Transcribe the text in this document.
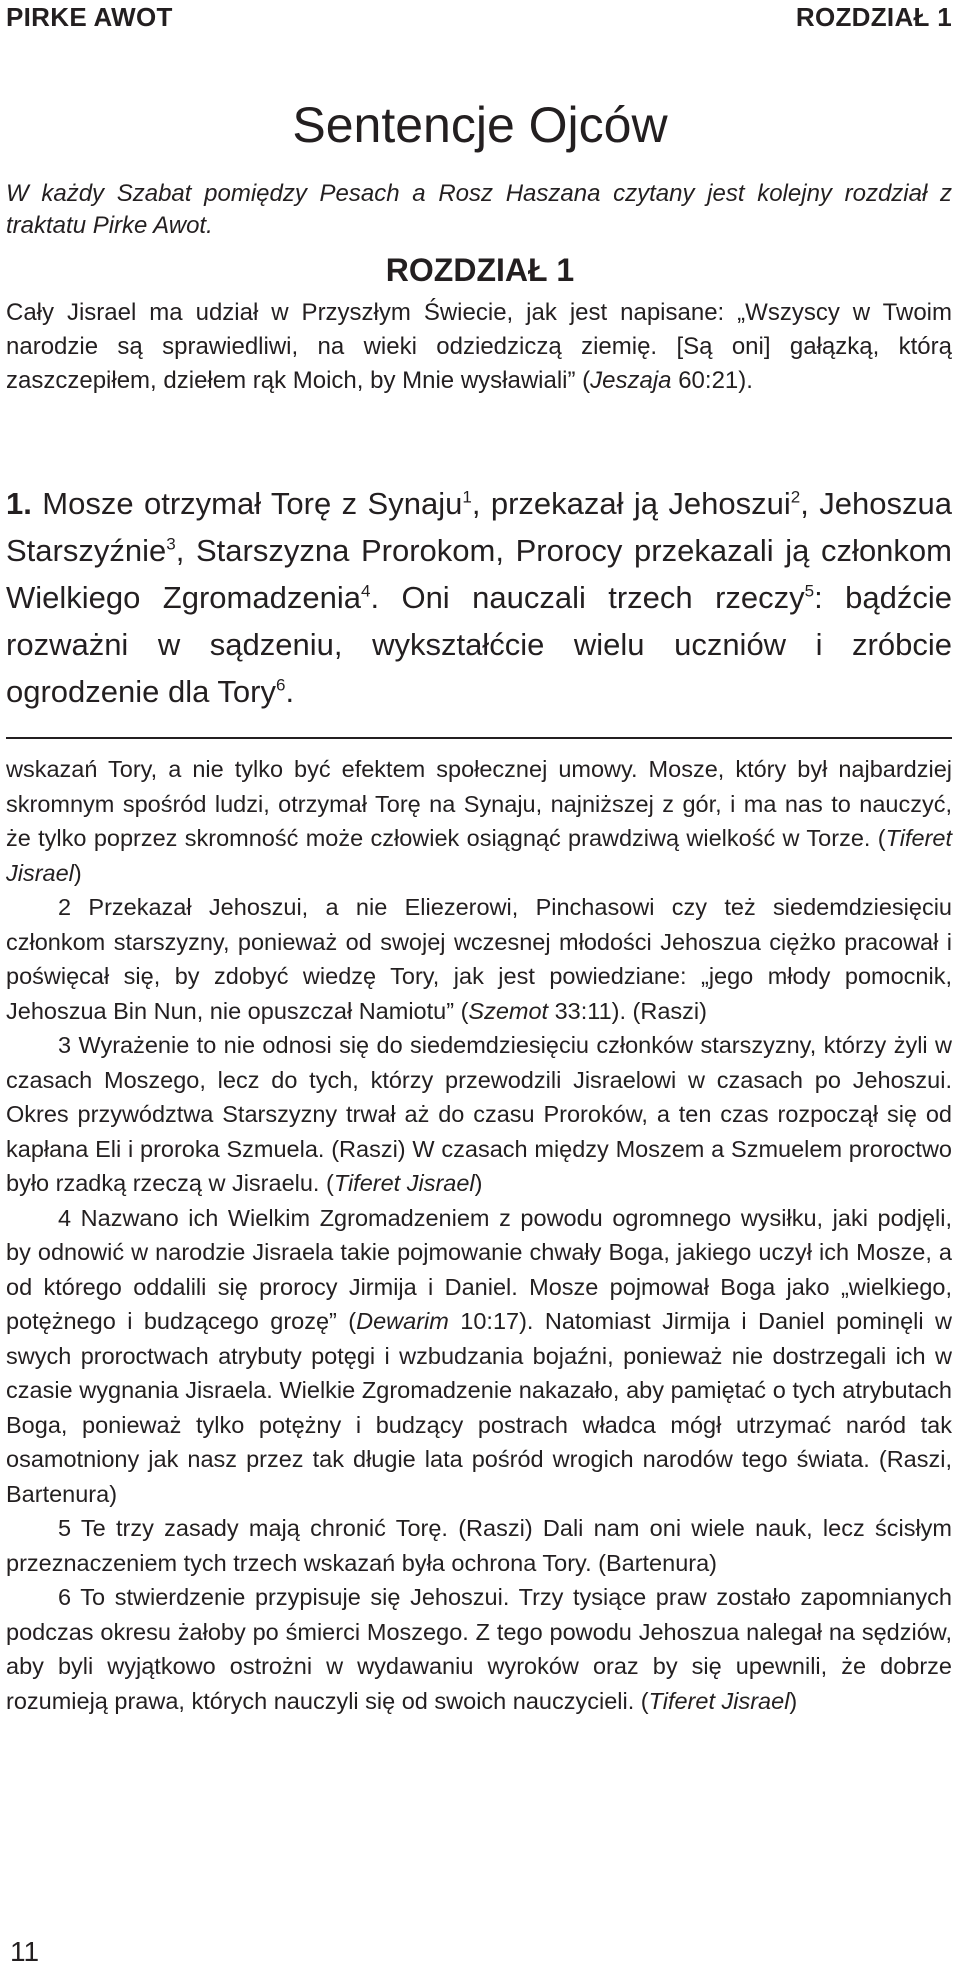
PIRKE AWOT	ROZDZIAŁ 1
Sentencje Ojców

W każdy Szabat pomiędzy Pesach a Rosz Haszana czytany jest kolejny rozdział z traktatu Pirke Awot.

ROZDZIAŁ 1

Cały Jisrael ma udział w Przyszłym Świecie, jak jest napisane: „Wszyscy w Twoim narodzie są sprawiedliwi, na wieki odziedziczą ziemię. [Są oni] gałązką, którą zaszczepiłem, dziełem rąk Moich, by Mnie wysławiali” (Jeszaja 60:21).

1. Mosze otrzymał Torę z Synaju$^1$, przekazał ją Jehoszui$^2$, Jehoszua Starszyźnie$^3$, Starszyzna Prorokom, Prorocy przekazali ją członkom Wielkiego Zgromadzenia$^4$. Oni nauczali trzech rzeczy$^5$: bądźcie rozważni w sądzeniu, wykształćcie wielu uczniów i zróbcie ogrodzenie dla Tory$^6$.

wskazań Tory, a nie tylko być efektem społecznej umowy. Mosze, który był najbardziej skromnym spośród ludzi, otrzymał Torę na Synaju, najniższej z gór, i ma nas to nauczyć, że tylko poprzez skromność może człowiek osiągnąć prawdziwą wielkość w Torze. (Tiferet Jisrael)

2 Przekazał Jehoszui, a nie Eliezerowi, Pinchasowi czy też siedemdziesięciu członkom starszyzny, ponieważ od swojej wczesnej młodości Jehoszua ciężko pracował i poświęcał się, by zdobyć wiedzę Tory, jak jest powiedziane: „jego młody pomocnik, Jehoszua Bin Nun, nie opuszczał Namiotu” (Szemot 33:11). (Raszi)

3 Wyrażenie to nie odnosi się do siedemdziesięciu członków starszyzny, którzy żyli w czasach Moszego, lecz do tych, którzy przewodzili Jisraelowi w czasach po Jehoszui. Okres przywództwa Starszyzny trwał aż do czasu Proroków, a ten czas rozpoczął się od kapłana Eli i proroka Szmuela. (Raszi) W czasach między Moszem a Szmuelem proroctwo było rzadką rzeczą w Jisraelu. (Tiferet Jisrael)

4 Nazwano ich Wielkim Zgromadzeniem z powodu ogromnego wysiłku, jaki podjęli, by odnowić w narodzie Jisraela takie pojmowanie chwały Boga, jakiego uczył ich Mosze, a od którego oddalili się prorocy Jirmija i Daniel. Mosze pojmował Boga jako „wielkiego, potężnego i budzącego grozę” (Dewarim 10:17). Natomiast Jirmija i Daniel pominęli w swych proroctwach atrybuty potęgi i wzbudzania bojaźni, ponieważ nie dostrzegali ich w czasie wygnania Jisraela. Wielkie Zgromadzenie nakazało, aby pamiętać o tych atrybutach Boga, ponieważ tylko potężny i budzący postrach władca mógł utrzymać naród tak osamotniony jak nasz przez tak długie lata pośród wrogich narodów tego świata. (Raszi, Bartenura)

5 Te trzy zasady mają chronić Torę. (Raszi) Dali nam oni wiele nauk, lecz ścisłym przeznaczeniem tych trzech wskazań była ochrona Tory. (Bartenura)

6 To stwierdzenie przypisuje się Jehoszui. Trzy tysiące praw zostało zapomnianych podczas okresu żałoby po śmierci Moszego. Z tego powodu Jehoszua nalegał na sędziów, aby byli wyjątkowo ostrożni w wydawaniu wyroków oraz by się upewnili, że dobrze rozumieją prawa, których nauczyli się od swoich nauczycieli. (Tiferet Jisrael)

11
